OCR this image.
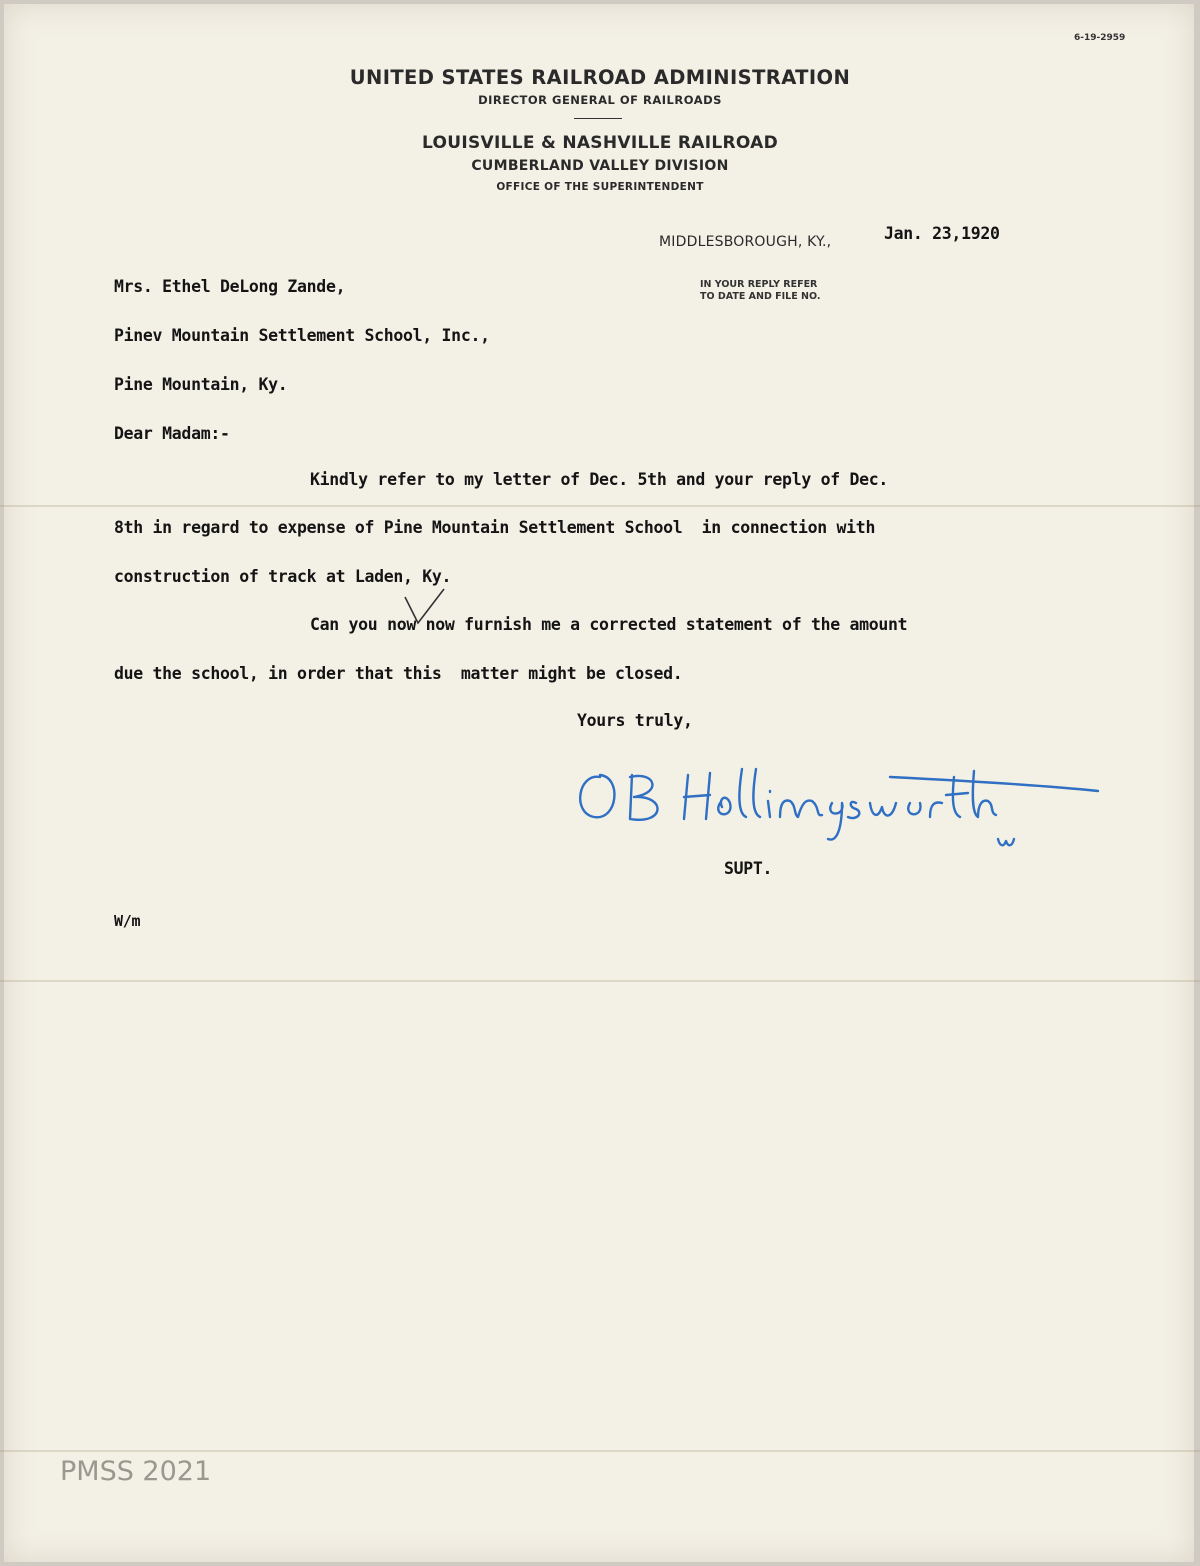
6-19-2959
UNITED STATES RAILROAD ADMINISTRATION
DIRECTOR GENERAL OF RAILROADS
LOUISVILLE & NASHVILLE RAILROAD
CUMBERLAND VALLEY DIVISION
OFFICE OF THE SUPERINTENDENT
MIDDLESBOROUGH, KY.,	Jan. 23,1920
IN YOUR REPLY REFER
TO DATE AND FILE NO.
Mrs. Ethel DeLong Zande,
Pinev Mountain Settlement School, Inc.,
Pine Mountain, Ky.
Dear Madam:-
Kindly refer to my letter of Dec. 5th and your reply of Dec.
8th in regard to expense of Pine Mountain Settlement School  in connection with
construction of track at Laden, Ky.
Can you now now furnish me a corrected statement of the amount
due the school, in order that this  matter might be closed.
Yours truly,
SUPT.
W/m
PMSS 2021
